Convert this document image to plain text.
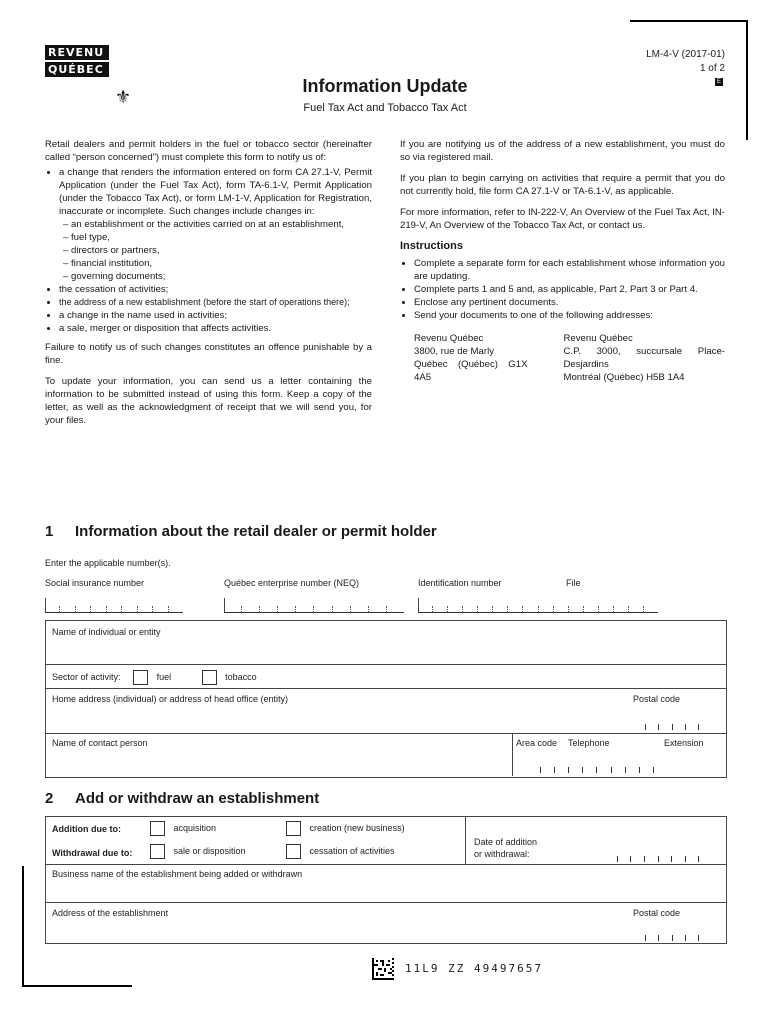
REVENU
QUÉBEC
⚜
Information Update
Fuel Tax Act and Tobacco Tax Act
LM-4-V (2017-01)
1 of 2
E

Retail dealers and permit holders in the fuel or tobacco sector (hereinafter called “person concerned”) must complete this form to notify us of:

• a change that renders the information entered on form CA 27.1-V, Permit Application (under the Fuel Tax Act), form TA-6.1-V, Permit Application (under the Tobacco Tax Act), or form LM-1-V, Application for Registration, inaccurate or incomplete. Such changes include changes in:
– an establishment or the activities carried on at an establishment,
– fuel type,
– directors or partners,
– financial institution,
– governing documents;
• the cessation of activities;
• the address of a new establishment (before the start of operations there);
• a change in the name used in activities;
• a sale, merger or disposition that affects activities.

Failure to notify us of such changes constitutes an offence punishable by a fine.

To update your information, you can send us a letter containing the information to be submitted instead of using this form. Keep a copy of the letter, as well as the acknowledgment of receipt that we will send you, for your files.

If you are notifying us of the address of a new establishment, you must do so via registered mail.

If you plan to begin carrying on activities that require a permit that you do not currently hold, file form CA 27.1-V or TA-6.1-V, as applicable.

For more information, refer to IN-222-V, An Overview of the Fuel Tax Act, IN-219-V, An Overview of the Tobacco Tax Act, or contact us.

Instructions
• Complete a separate form for each establishment whose information you are updating.
• Complete parts 1 and 5 and, as applicable, Part 2, Part 3 or Part 4.
• Enclose any pertinent documents.
• Send your documents to one of the following addresses:
Revenu Québec
3800, rue de Marly
Québec (Québec) G1X 4A5
Revenu Québec
C.P. 3000, succursale Place-Desjardins
Montréal (Québec) H5B 1A4
1 Information about the retail dealer or permit holder
Enter the applicable number(s).
Social insurance number	Québec enterprise number (NEQ)	Identification number	File
Name of individual or entity
Sector of activity:	fuel	tobacco
Home address (individual) or address of head office (entity)	Postal code
Name of contact person	Area code Telephone	Extension
2 Add or withdraw an establishment
Addition due to:	acquisition	creation (new business)
Withdrawal due to:	sale or disposition	cessation of activities
Date of addition
or withdrawal:
Business name of the establishment being added or withdrawn
Address of the establishment	Postal code
11L9 ZZ 49497657
